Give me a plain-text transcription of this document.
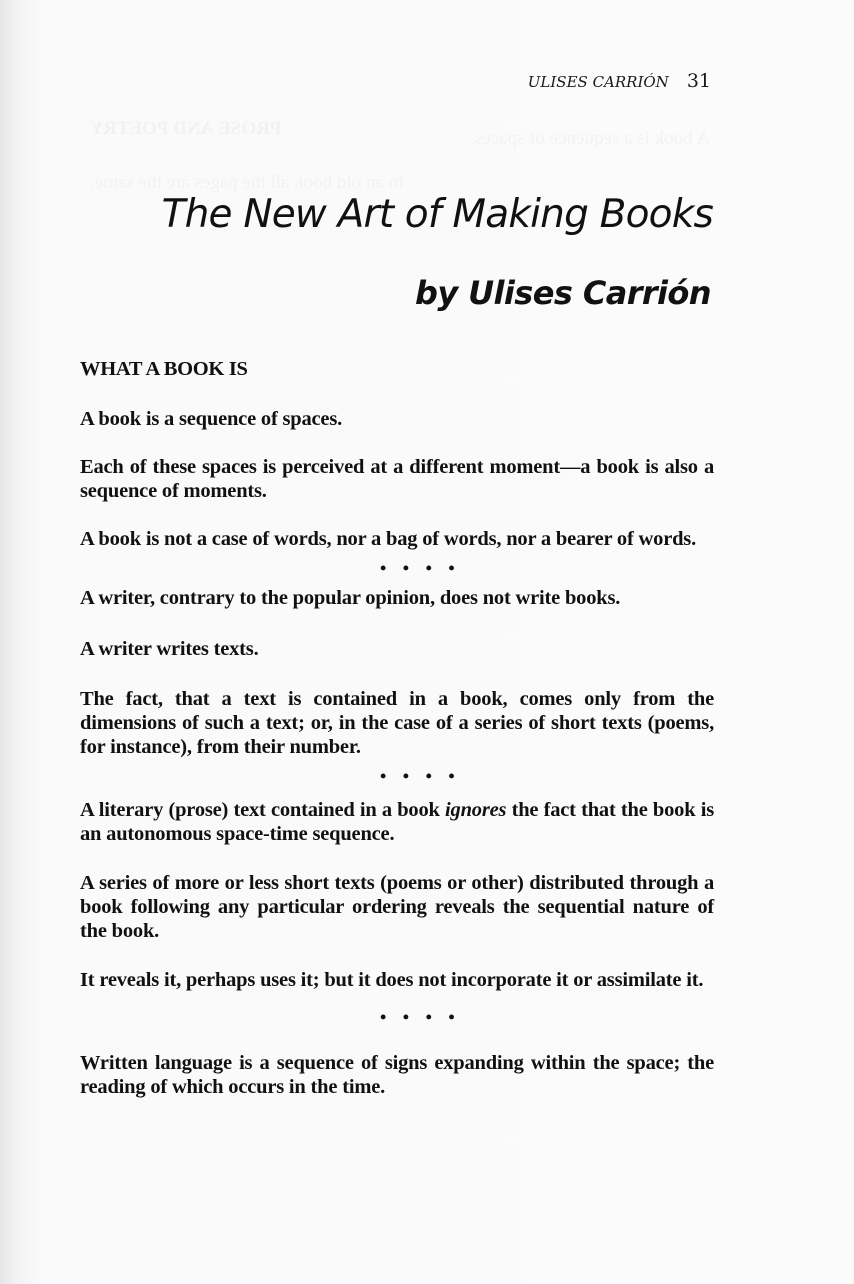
ULISES CARRIÓN 31
The New Art of Making Books
by Ulises Carrión
WHAT A BOOK IS

A book is a sequence of spaces.

Each of these spaces is perceived at a different moment—a book is also a sequence of moments.

A book is not a case of words, nor a bag of words, nor a bearer of words.

• • • •

A writer, contrary to the popular opinion, does not write books.

A writer writes texts.

The fact, that a text is contained in a book, comes only from the dimensions of such a text; or, in the case of a series of short texts (poems, for instance), from their number.

• • • •

A literary (prose) text contained in a book ignores the fact that the book is an autonomous space-time sequence.

A series of more or less short texts (poems or other) distributed through a book following any particular ordering reveals the sequential nature of the book.

It reveals it, perhaps uses it; but it does not incorporate it or assimilate it.

• • • •

Written language is a sequence of signs expanding within the space; the reading of which occurs in the time.
